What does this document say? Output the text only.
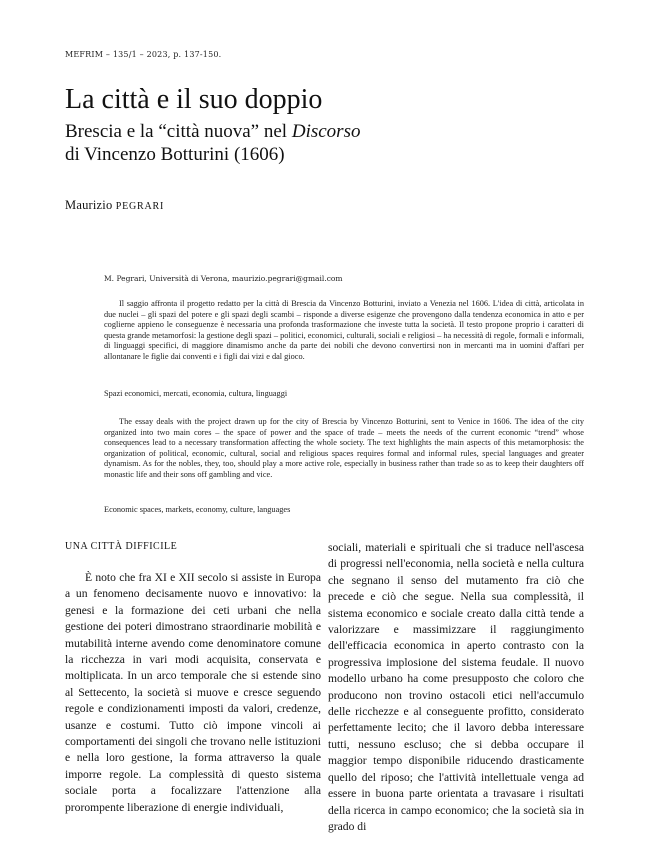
MEFRIM – 135/1 – 2023, p. 137-150.
La città e il suo doppio
Brescia e la “città nuova” nel Discorso
di Vincenzo Botturini (1606)
Maurizio PEGRARI
M. Pegrari, Università di Verona, maurizio.pegrari@gmail.com

Il saggio affronta il progetto redatto per la città di Brescia da Vincenzo Botturini, inviato a Venezia nel 1606. L'idea di città, articolata in due nuclei – gli spazi del potere e gli spazi degli scambi – risponde a diverse esigenze che provengono dalla tendenza economica in atto e per coglierne appieno le conseguenze è necessaria una profonda trasformazione che investe tutta la società. Il testo propone proprio i caratteri di questa grande metamorfosi: la gestione degli spazi – politici, economici, culturali, sociali e religiosi – ha necessità di regole, formali e informali, di linguaggi specifici, di maggiore dinamismo anche da parte dei nobili che devono convertirsi non in mercanti ma in uomini d'affari per allontanare le figlie dai conventi e i figli dai vizi e dal gioco.

Spazi economici, mercati, economia, cultura, linguaggi

The essay deals with the project drawn up for the city of Brescia by Vincenzo Botturini, sent to Venice in 1606. The idea of the city organized into two main cores – the space of power and the space of trade – meets the needs of the current economic “trend” whose consequences lead to a necessary transformation affecting the whole society. The text highlights the main aspects of this metamorphosis: the organization of political, economic, cultural, social and religious spaces requires formal and informal rules, special languages and greater dynamism. As for the nobles, they, too, should play a more active role, especially in business rather than trade so as to keep their daughters off monastic life and their sons off gambling and vice.

Economic spaces, markets, economy, culture, languages
UNA CITTÀ DIFFICILE

È noto che fra XI e XII secolo si assiste in Europa a un fenomeno decisamente nuovo e innovativo: la genesi e la formazione dei ceti urbani che nella gestione dei poteri dimostrano straordinarie mobilità e mutabilità interne avendo come denominatore comune la ricchezza in vari modi acquisita, conservata e moltiplicata. In un arco temporale che si estende sino al Settecento, la società si muove e cresce seguendo regole e condizionamenti imposti da valori, credenze, usanze e costumi. Tutto ciò impone vincoli ai comportamenti dei singoli che trovano nelle istituzioni e nella loro gestione, la forma attraverso la quale imporre regole. La complessità di questo sistema sociale porta a focalizzare l'attenzione alla prorompente liberazione di energie individuali,

sociali, materiali e spirituali che si traduce nell'ascesa di progressi nell'economia, nella società e nella cultura che segnano il senso del mutamento fra ciò che precede e ciò che segue. Nella sua complessità, il sistema economico e sociale creato dalla città tende a valorizzare e massimizzare il raggiungimento dell'efficacia economica in aperto contrasto con la progressiva implosione del sistema feudale. Il nuovo modello urbano ha come presupposto che coloro che producono non trovino ostacoli etici nell'accumulo delle ricchezze e al conseguente profitto, considerato perfettamente lecito; che il lavoro debba interessare tutti, nessuno escluso; che si debba occupare il maggior tempo disponibile riducendo drasticamente quello del riposo; che l'attività intellettuale venga ad essere in buona parte orientata a travasare i risultati della ricerca in campo economico; che la società sia in grado di
